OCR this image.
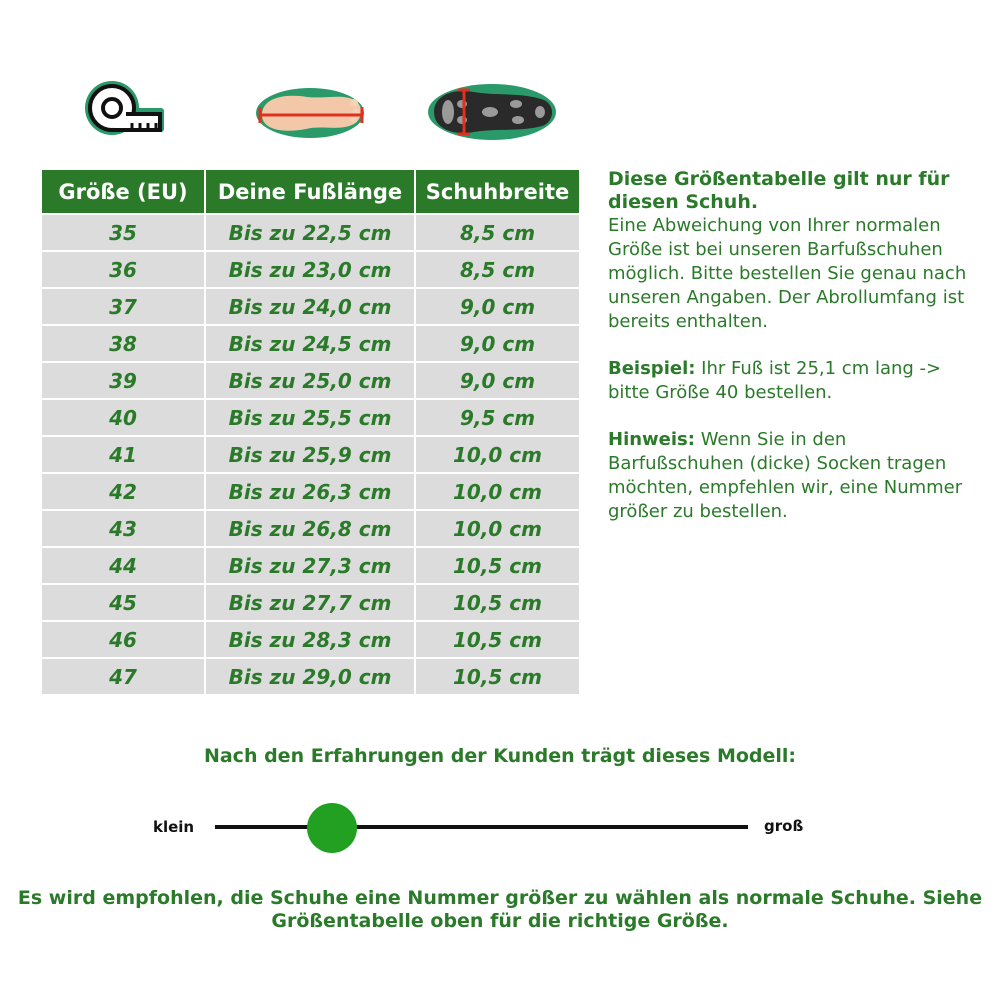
Größe (EU)	Deine Fußlänge	Schuhbreite
35	Bis zu 22,5 cm	8,5 cm
36	Bis zu 23,0 cm	8,5 cm
37	Bis zu 24,0 cm	9,0 cm
38	Bis zu 24,5 cm	9,0 cm
39	Bis zu 25,0 cm	9,0 cm
40	Bis zu 25,5 cm	9,5 cm
41	Bis zu 25,9 cm	10,0 cm
42	Bis zu 26,3 cm	10,0 cm
43	Bis zu 26,8 cm	10,0 cm
44	Bis zu 27,3 cm	10,5 cm
45	Bis zu 27,7 cm	10,5 cm
46	Bis zu 28,3 cm	10,5 cm
47	Bis zu 29,0 cm	10,5 cm

Diese Größentabelle gilt nur für diesen Schuh.

Eine Abweichung von Ihrer normalen Größe ist bei unseren Barfußschuhen möglich. Bitte bestellen Sie genau nach unseren Angaben. Der Abrollumfang ist bereits enthalten.

Beispiel: Ihr Fuß ist 25,1 cm lang -> bitte Größe 40 bestellen.

Hinweis: Wenn Sie in den Barfußschuhen (dicke) Socken tragen möchten, empfehlen wir, eine Nummer größer zu bestellen.

Nach den Erfahrungen der Kunden trägt dieses Modell:
klein	groß
Es wird empfohlen, die Schuhe eine Nummer größer zu wählen als normale Schuhe. Siehe Größentabelle oben für die richtige Größe.
